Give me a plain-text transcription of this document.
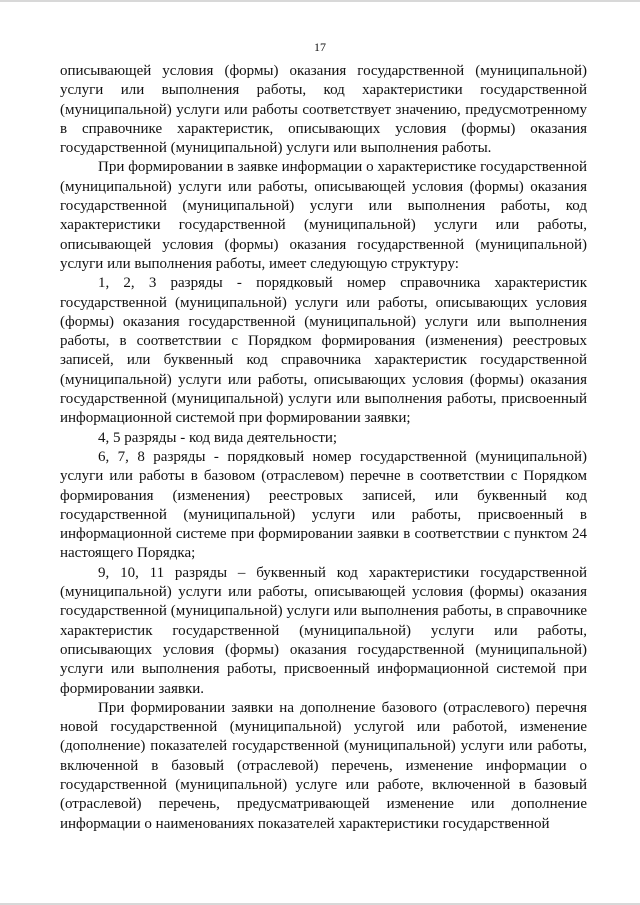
17

описывающей условия (формы) оказания государственной (муниципальной) услуги или выполнения работы, код характеристики государственной (муниципальной) услуги или работы соответствует значению, предусмотренному в справочнике характеристик, описывающих условия (формы) оказания государственной (муниципальной) услуги или выполнения работы.

При формировании в заявке информации о характеристике государственной (муниципальной) услуги или работы, описывающей условия (формы) оказания государственной (муниципальной) услуги или выполнения работы, код характеристики государственной (муниципальной) услуги или работы, описывающей условия (формы) оказания государственной (муниципальной) услуги или выполнения работы, имеет следующую структуру:

1, 2, 3 разряды - порядковый номер справочника характеристик государственной (муниципальной) услуги или работы, описывающих условия (формы) оказания государственной (муниципальной) услуги или выполнения работы, в соответствии с Порядком формирования (изменения) реестровых записей, или буквенный код справочника характеристик государственной (муниципальной) услуги или работы, описывающих условия (формы) оказания государственной (муниципальной) услуги или выполнения работы, присвоенный информационной системой при формировании заявки;

4, 5 разряды - код вида деятельности;

6, 7, 8 разряды - порядковый номер государственной (муниципальной) услуги или работы в базовом (отраслевом) перечне в соответствии с Порядком формирования (изменения) реестровых записей, или буквенный код государственной (муниципальной) услуги или работы, присвоенный в информационной системе при формировании заявки в соответствии с пунктом 24 настоящего Порядка;

9, 10, 11 разряды – буквенный код характеристики государственной (муниципальной) услуги или работы, описывающей условия (формы) оказания государственной (муниципальной) услуги или выполнения работы, в справочнике характеристик государственной (муниципальной) услуги или работы, описывающих условия (формы) оказания государственной (муниципальной) услуги или выполнения работы, присвоенный информационной системой при формировании заявки.

При формировании заявки на дополнение базового (отраслевого) перечня новой государственной (муниципальной) услугой или работой, изменение (дополнение) показателей государственной (муниципальной) услуги или работы, включенной в базовый (отраслевой) перечень, изменение информации о государственной (муниципальной) услуге или работе, включенной в базовый (отраслевой) перечень, предусматривающей изменение или дополнение информации о наименованиях показателей характеристики государственной
